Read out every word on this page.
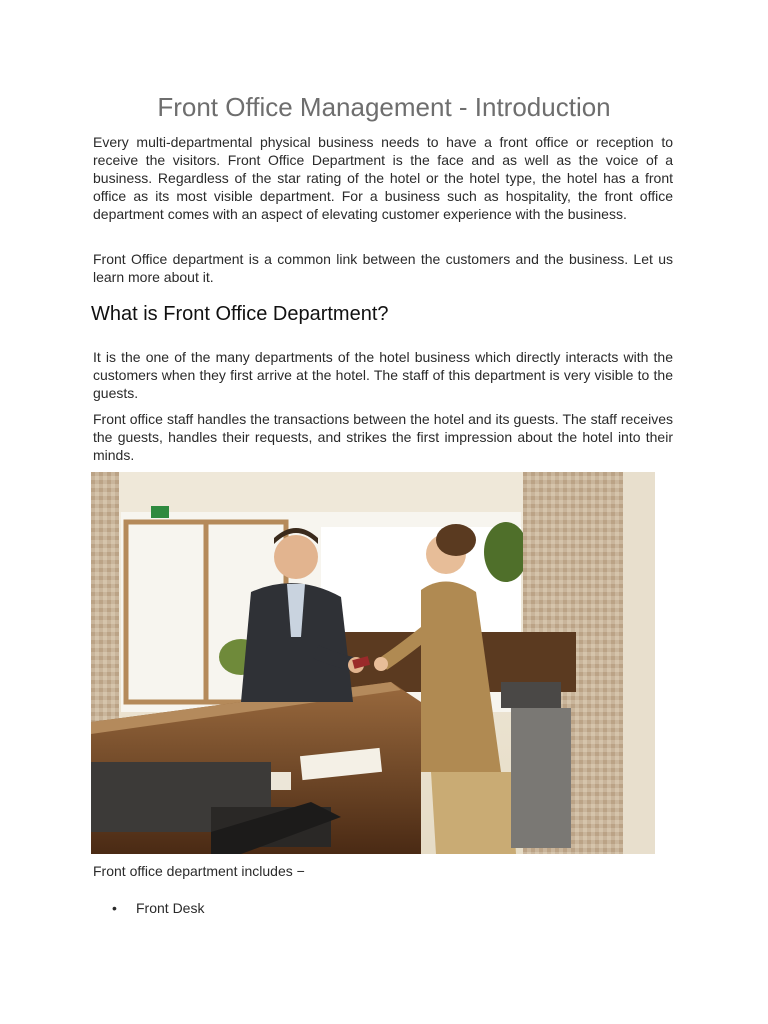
Front Office Management - Introduction

Every multi-departmental physical business needs to have a front office or reception to receive the visitors. Front Office Department is the face and as well as the voice of a business. Regardless of the star rating of the hotel or the hotel type, the hotel has a front office as its most visible department. For a business such as hospitality, the front office department comes with an aspect of elevating customer experience with the business.

Front Office department is a common link between the customers and the business. Let us learn more about it.

What is Front Office Department?

It is the one of the many departments of the hotel business which directly interacts with the customers when they first arrive at the hotel. The staff of this department is very visible to the guests.

Front office staff handles the transactions between the hotel and its guests. The staff receives the guests, handles their requests, and strikes the first impression about the hotel into their minds.

Front office department includes −

• Front Desk
